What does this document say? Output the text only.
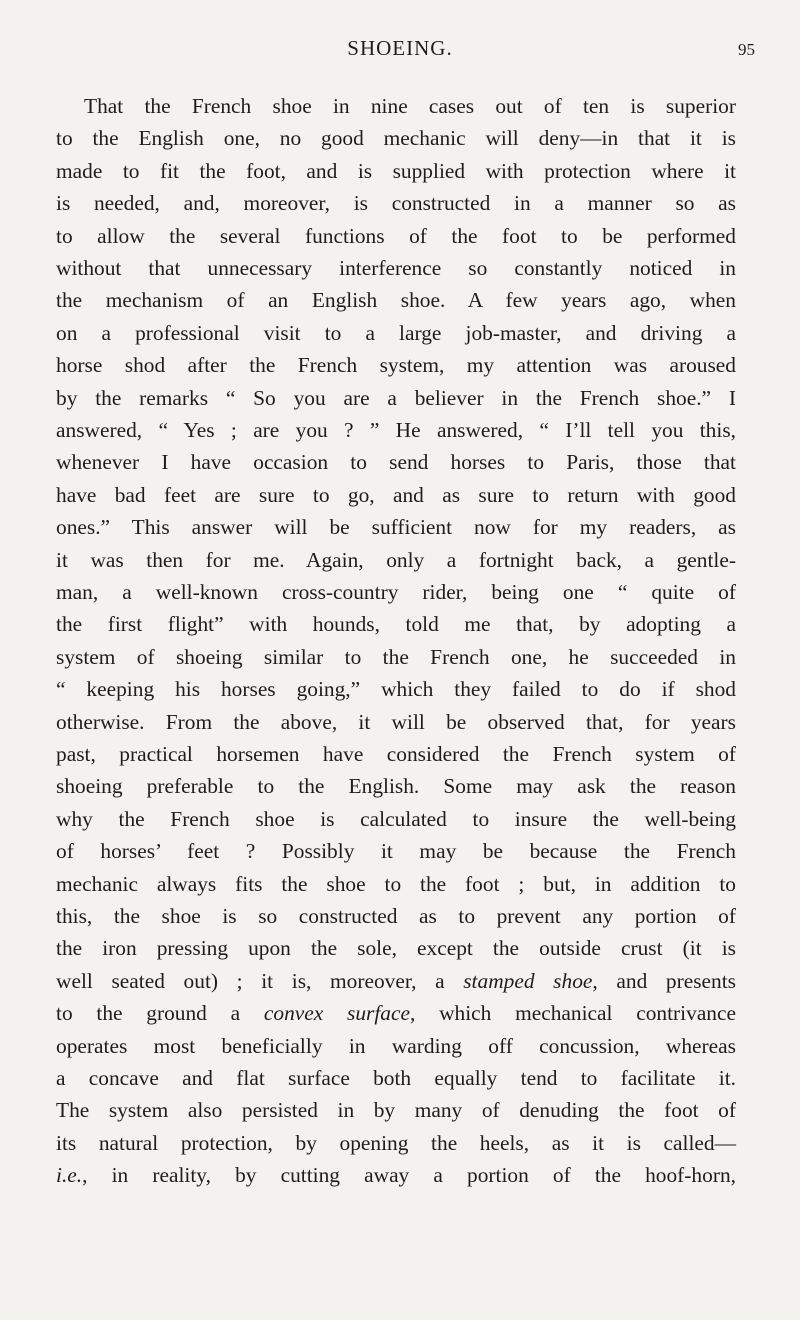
SHOEING.	95
That the French shoe in nine cases out of ten is superior
to the English one, no good mechanic will deny—in that it is
made to fit the foot, and is supplied with protection where it
is needed, and, moreover, is constructed in a manner so as
to allow the several functions of the foot to be performed
without that unnecessary interference so constantly noticed in
the mechanism of an English shoe. A few years ago, when
on a professional visit to a large job-master, and driving a
horse shod after the French system, my attention was aroused
by the remarks “ So you are a believer in the French shoe.” I
answered, “ Yes ; are you ? ” He answered, “ I’ll tell you this,
whenever I have occasion to send horses to Paris, those that
have bad feet are sure to go, and as sure to return with good
ones.” This answer will be sufficient now for my readers, as
it was then for me. Again, only a fortnight back, a gentle-
man, a well-known cross-country rider, being one “ quite of
the first flight” with hounds, told me that, by adopting a
system of shoeing similar to the French one, he succeeded in
“ keeping his horses going,” which they failed to do if shod
otherwise. From the above, it will be observed that, for years
past, practical horsemen have considered the French system of
shoeing preferable to the English. Some may ask the reason
why the French shoe is calculated to insure the well-being
of horses’ feet ? Possibly it may be because the French
mechanic always fits the shoe to the foot ; but, in addition to
this, the shoe is so constructed as to prevent any portion of
the iron pressing upon the sole, except the outside crust (it is
well seated out) ; it is, moreover, a stamped shoe, and presents
to the ground a convex surface, which mechanical contrivance
operates most beneficially in warding off concussion, whereas
a concave and flat surface both equally tend to facilitate it.
The system also persisted in by many of denuding the foot of
its natural protection, by opening the heels, as it is called—
i.e., in reality, by cutting away a portion of the hoof-horn,
